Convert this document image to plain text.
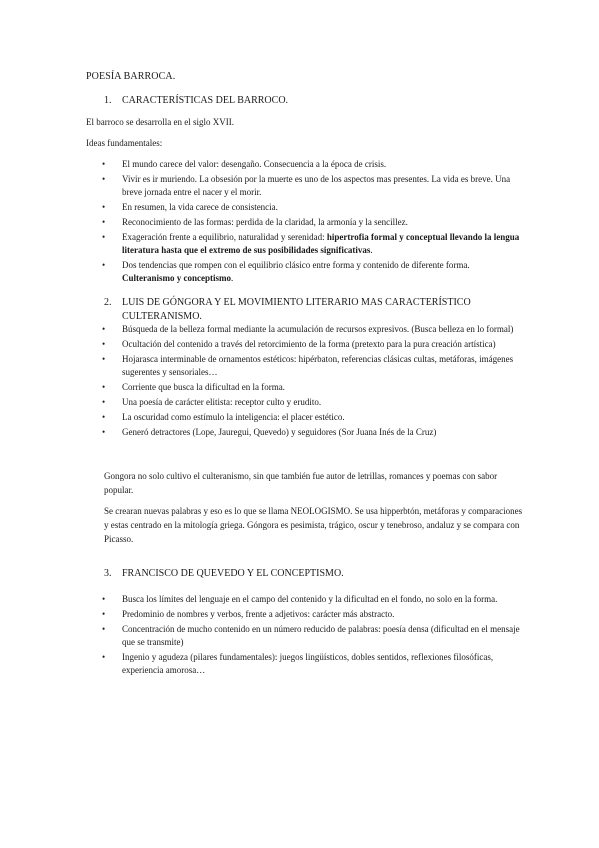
POESÍA BARROCA.
1. CARACTERÍSTICAS DEL BARROCO.
El barroco se desarrolla en el siglo XVII.
Ideas fundamentales:
• El mundo carece del valor: desengaño. Consecuencia a la época de crisis.
• Vivir es ir muriendo. La obsesión por la muerte es uno de los aspectos mas presentes. La vida es breve. Una breve jornada entre el nacer y el morir.
• En resumen, la vida carece de consistencia.
• Reconocimiento de las formas: perdida de la claridad, la armonía y la sencillez.
• Exageración frente a equilibrio, naturalidad y serenidad: hipertrofia formal y conceptual llevando la lengua literatura hasta que el extremo de sus posibilidades significativas.
• Dos tendencias que rompen con el equilibrio clásico entre forma y contenido de diferente forma.
Culteranismo y conceptismo.
2. LUIS DE GÓNGORA Y EL MOVIMIENTO LITERARIO MAS CARACTERÍSTICO
CULTERANISMO.
• Búsqueda de la belleza formal mediante la acumulación de recursos expresivos. (Busca belleza en lo formal)
• Ocultación del contenido a través del retorcimiento de la forma (pretexto para la pura creación artística)
• Hojarasca interminable de ornamentos estéticos: hipérbaton, referencias clásicas cultas, metáforas, imágenes sugerentes y sensoriales…
• Corriente que busca la dificultad en la forma.
• Una poesía de carácter elitista: receptor culto y erudito.
• La oscuridad como estímulo la inteligencia: el placer estético.
• Generó detractores (Lope, Jauregui, Quevedo) y seguidores (Sor Juana Inés de la Cruz)
Gongora no solo cultivo el culteranismo, sin que también fue autor de letrillas, romances y poemas con sabor popular.
Se crearan nuevas palabras y eso es lo que se llama NEOLOGISMO. Se usa hipperbtón, metáforas y comparaciones y estas centrado en la mitología griega. Góngora es pesimista, trágico, oscur y tenebroso, andaluz y se compara con Picasso.
3. FRANCISCO DE QUEVEDO Y EL CONCEPTISMO.
• Busca los límites del lenguaje en el campo del contenido y la dificultad en el fondo, no solo en la forma.
• Predominio de nombres y verbos, frente a adjetivos: carácter más abstracto.
• Concentración de mucho contenido en un número reducido de palabras: poesía densa (dificultad en el mensaje que se transmite)
• Ingenio y agudeza (pilares fundamentales): juegos lingüísticos, dobles sentidos, reflexiones filosóficas, experiencia amorosa…
